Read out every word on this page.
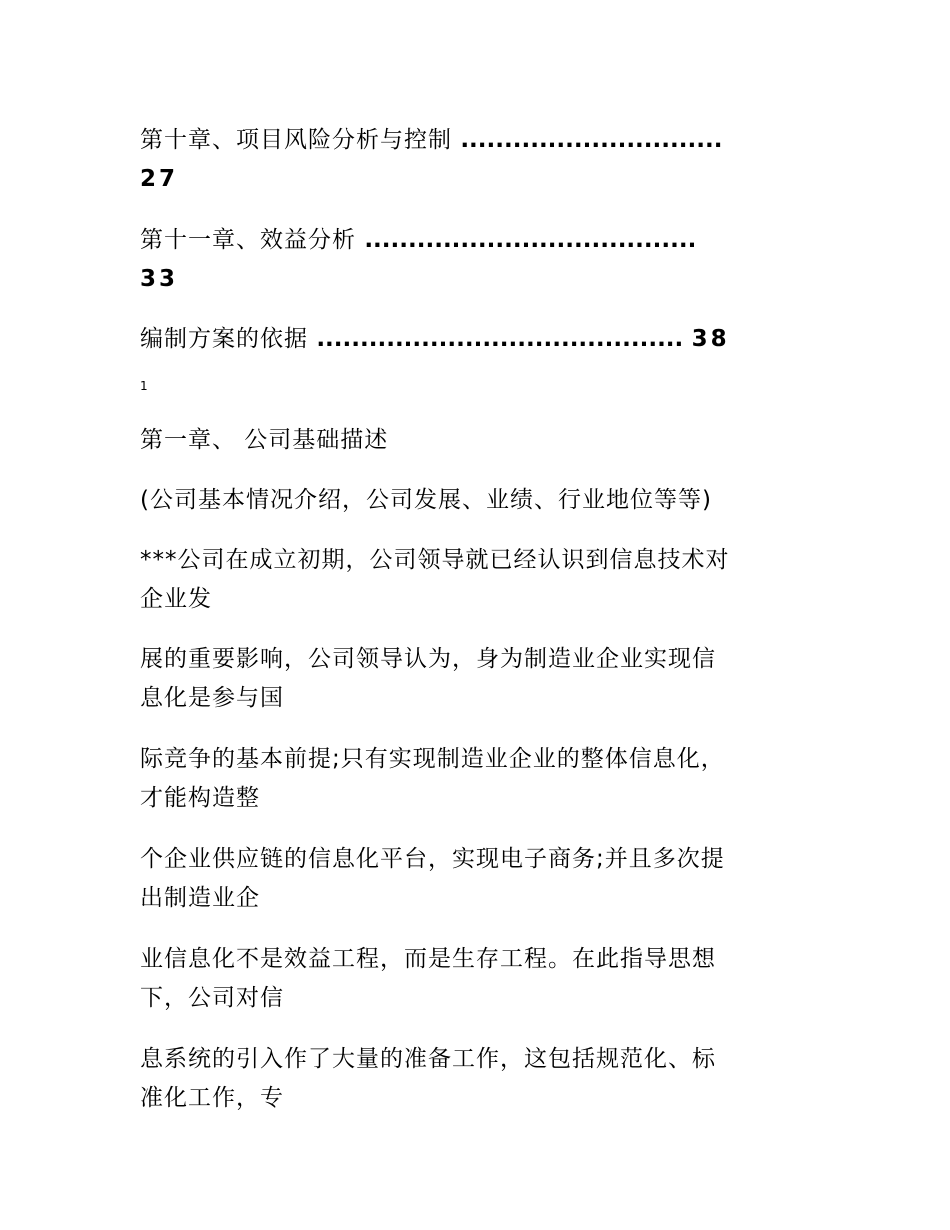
第十章、项目风险分析与控制 ..............................
27
第十一章、效益分析 ......................................
33
编制方案的依据 .......................................... 38
1
第一章、 公司基础描述
(公司基本情况介绍，公司发展、业绩、行业地位等等)
***公司在成立初期，公司领导就已经认识到信息技术对
企业发
展的重要影响，公司领导认为，身为制造业企业实现信
息化是参与国
际竞争的基本前提;只有实现制造业企业的整体信息化，
才能构造整
个企业供应链的信息化平台，实现电子商务;并且多次提
出制造业企
业信息化不是效益工程，而是生存工程。在此指导思想
下，公司对信
息系统的引入作了大量的准备工作，这包括规范化、标
准化工作，专
